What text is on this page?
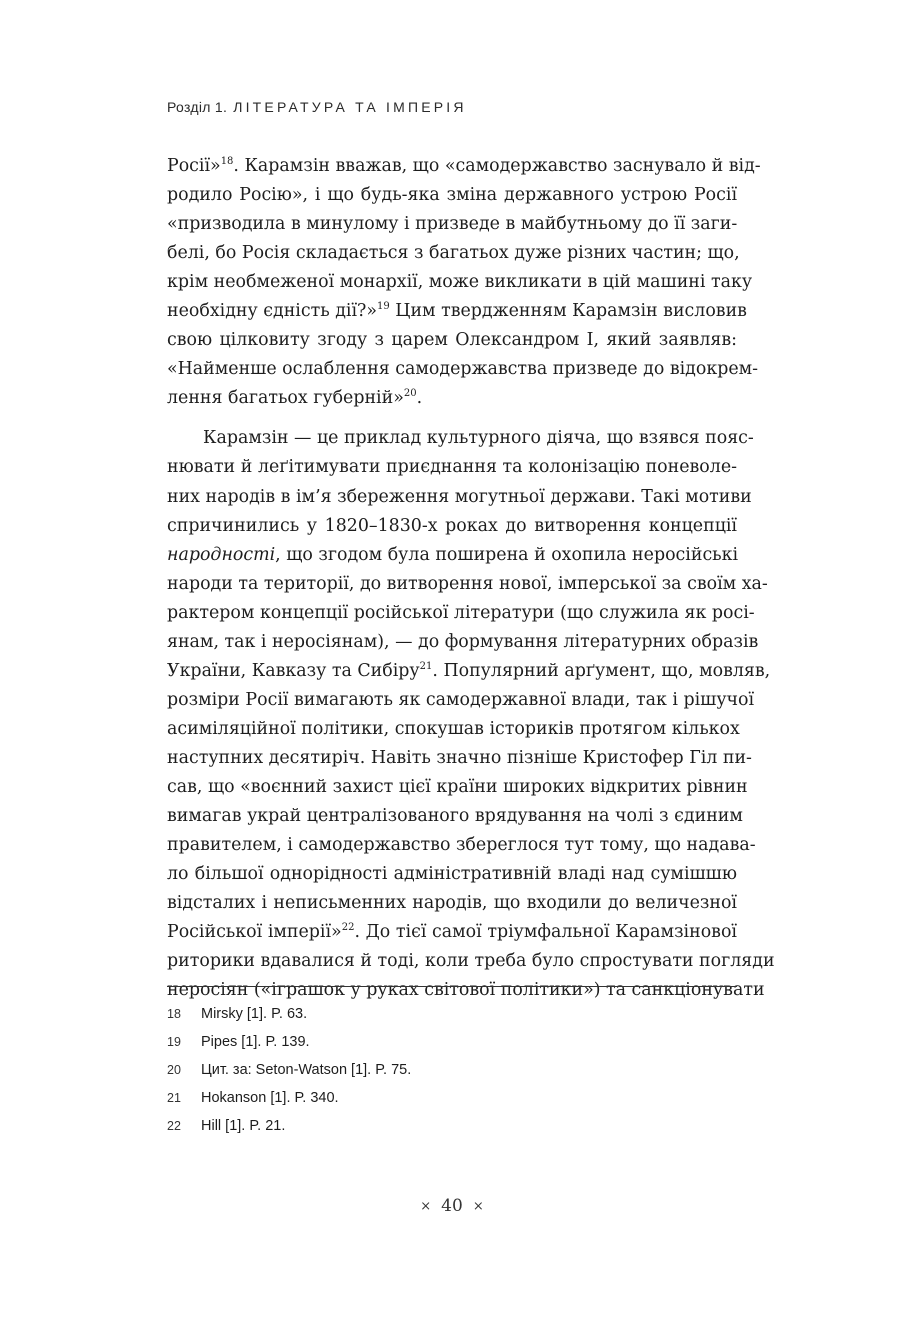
Розділ 1. ЛІТЕРАТУРА ТА ІМПЕРІЯ
Росії»$^{18}$. Карамзін вважав, що «самодержавство заснувало й від-
родило Росію», і що будь-яка зміна державного устрою Росії
«призводила в минулому і призведе в майбутньому до її заги-
белі, бо Росія складається з багатьох дуже різних частин; що,
крім необмеженої монархії, може викликати в цій машині таку
необхідну єдність дії?»$^{19}$ Цим твердженням Карамзін висловив
свою цілковиту згоду з царем Олександром І, який заявляв:
«Найменше ослаблення самодержавства призведе до відокрем-
лення багатьох губерній»$^{20}$.
Карамзін — це приклад культурного діяча, що взявся пояс-
нювати й леґітимувати приєднання та колонізацію поневоле-
них народів в ім’я збереження могутньої держави. Такі мотиви
спричинились у 1820–1830-х роках до витворення концепції
народності, що згодом була поширена й охопила неросійські
народи та території, до витворення нової, імперської за своїм ха-
рактером концепції російської літератури (що служила як росі-
янам, так і неросіянам), — до формування літературних образів
України, Кавказу та Сибіру$^{21}$. Популярний арґумент, що, мовляв,
розміри Росії вимагають як самодержавної влади, так і рішучої
асиміляційної політики, спокушав істориків протягом кількох
наступних десятиріч. Навіть значно пізніше Кристофер Гіл пи-
сав, що «воєнний захист цієї країни широких відкритих рівнин
вимагав украй централізованого врядування на чолі з єдиним
правителем, і самодержавство збереглося тут тому, що надава-
ло більшої однорідності адміністративній владі над сумішшю
відсталих і неписьменних народів, що входили до величезної
Російської імперії»$^{22}$. До тієї самої тріумфальної Карамзінової
риторики вдавалися й тоді, коли треба було спростувати погляди
неросіян («іграшок у руках світової політики») та санкціонувати
18 Mirsky [1]. P. 63.
19 Pipes [1]. P. 139.
20 Цит. за: Seton-Watson [1]. P. 75.
21 Hokanson [1]. P. 340.
22 Hill [1]. P. 21.
× 40 ×
